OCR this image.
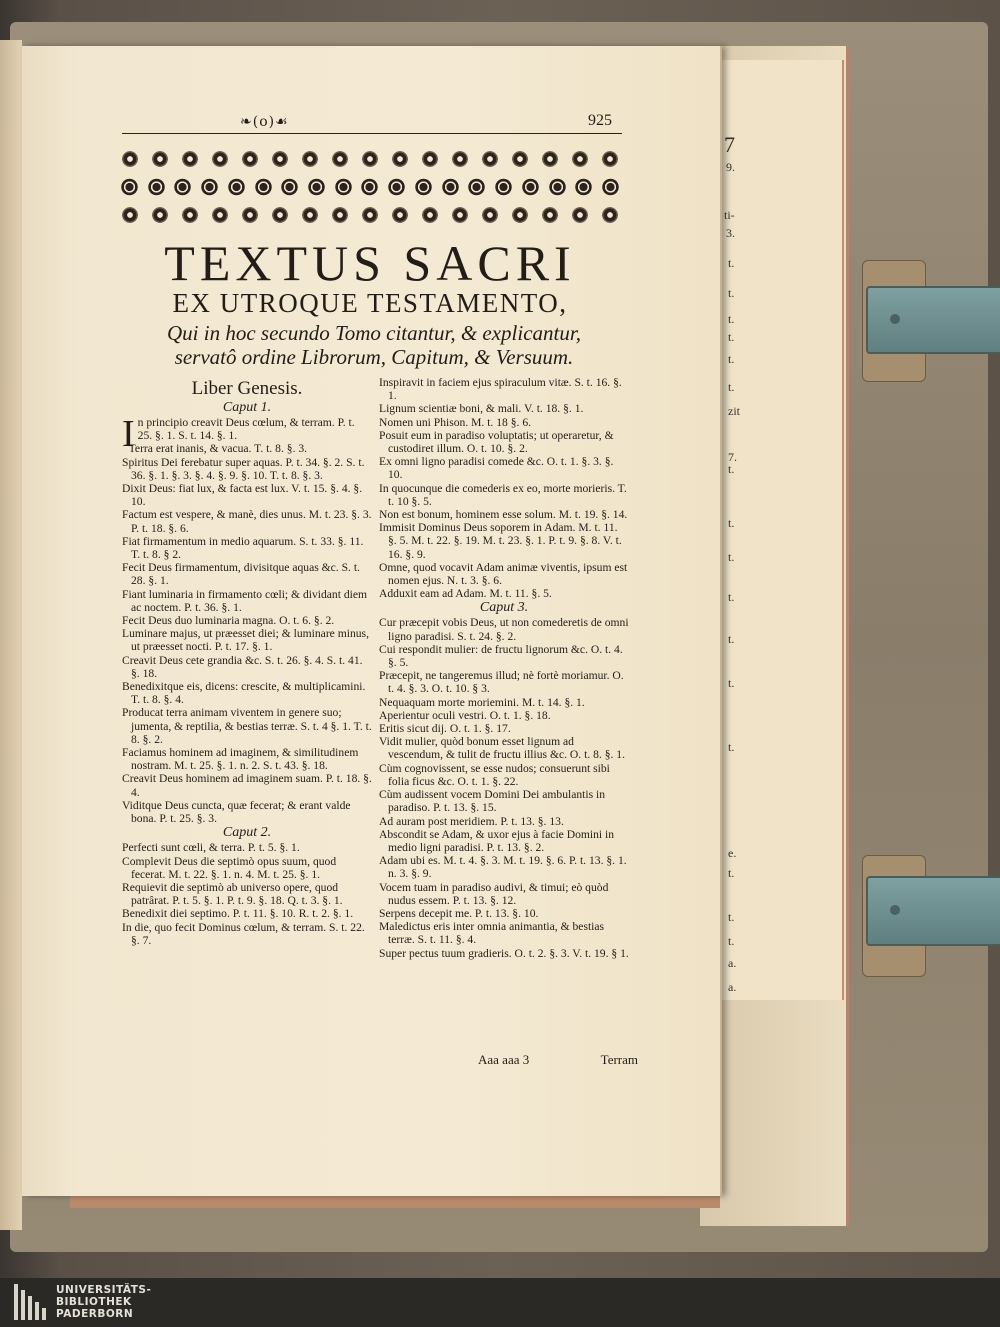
7
9.
ti-
3.
t.
t.
t.
t.
t.
t.
zit
7.
t.
t.
t.
t.
t.
t.
t.
e.
t.
t.
t.
a.
a.
❧(o)☙	925
TEXTUS SACRI
EX UTROQUE TESTAMENTO,
Qui in hoc secundo Tomo citantur, & explicantur, servatô ordine Librorum, Capitum, & Versuum.
Liber Genesis.
Caput 1.
In principio creavit Deus cœlum, & terram. P. t. 25. §. 1. S. t. 14. §. 1.
Terra erat inanis, & vacua. T. t. 8. §. 3.
Spiritus Dei ferebatur super aquas. P. t. 34. §. 2. S. t. 36. §. 1. §. 3. §. 4. §. 9. §. 10. T. t. 8. §. 3.
Dixit Deus: fiat lux, & facta est lux. V. t. 15. §. 4. §. 10.
Factum est vespere, & manè, dies unus. M. t. 23. §. 3. P. t. 18. §. 6.
Fiat firmamentum in medio aquarum. S. t. 33. §. 11. T. t. 8. § 2.
Fecit Deus firmamentum, divisitque aquas &c. S. t. 28. §. 1.
Fiant luminaria in firmamento cœli; & dividant diem ac noctem. P. t. 36. §. 1.
Fecit Deus duo luminaria magna. O. t. 6. §. 2.
Luminare majus, ut præesset diei; & luminare minus, ut præesset nocti. P. t. 17. §. 1.
Creavit Deus cete grandia &c. S. t. 26. §. 4. S. t. 41. §. 18.
Benedixitque eis, dicens: crescite, & multiplicamini. T. t. 8. §. 4.
Producat terra animam viventem in genere suo; jumenta, & reptilia, & bestias terræ. S. t. 4 §. 1. T. t. 8. §. 2.
Faciamus hominem ad imaginem, & similitudinem nostram. M. t. 25. §. 1. n. 2. S. t. 43. §. 18.
Creavit Deus hominem ad imaginem suam. P. t. 18. §. 4.
Viditque Deus cuncta, quæ fecerat; & erant valde bona. P. t. 25. §. 3.
Caput 2.
Perfecti sunt cœli, & terra. P. t. 5. §. 1.
Complevit Deus die septimò opus suum, quod fecerat. M. t. 22. §. 1. n. 4. M. t. 25. §. 1.
Requievit die septimò ab universo opere, quod patrârat. P. t. 5. §. 1. P. t. 9. §. 18. Q. t. 3. §. 1.
Benedixit diei septimo. P. t. 11. §. 10. R. t. 2. §. 1.
In die, quo fecit Dominus cœlum, & terram. S. t. 22. §. 7.
Inspiravit in faciem ejus spiraculum vitæ. S. t. 16. §. 1.
Lignum scientiæ boni, & mali. V. t. 18. §. 1.
Nomen uni Phison. M. t. 18 §. 6.
Posuit eum in paradiso voluptatis; ut operaretur, & custodiret illum. O. t. 10. §. 2.
Ex omni ligno paradisi comede &c. O. t. 1. §. 3. §. 10.
In quocunque die comederis ex eo, morte morieris. T. t. 10 §. 5.
Non est bonum, hominem esse solum. M. t. 19. §. 14.
Immisit Dominus Deus soporem in Adam. M. t. 11. §. 5. M. t. 22. §. 19. M. t. 23. §. 1. P. t. 9. §. 8. V. t. 16. §. 9.
Omne, quod vocavit Adam animæ viventis, ipsum est nomen ejus. N. t. 3. §. 6.
Adduxit eam ad Adam. M. t. 11. §. 5.
Caput 3.
Cur præcepit vobis Deus, ut non comederetis de omni ligno paradisi. S. t. 24. §. 2.
Cui respondit mulier: de fructu lignorum &c. O. t. 4. §. 5.
Præcepit, ne tangeremus illud; nè fortè moriamur. O. t. 4. §. 3. O. t. 10. § 3.
Nequaquam morte moriemini. M. t. 14. §. 1.
Aperientur oculi vestri. O. t. 1. §. 18.
Eritis sicut dij. O. t. 1. §. 17.
Vidit mulier, quòd bonum esset lignum ad vescendum, & tulit de fructu illius &c. O. t. 8. §. 1.
Cùm cognovissent, se esse nudos; consuerunt sibi folia ficus &c. O. t. 1. §. 22.
Cùm audissent vocem Domini Dei ambulantis in paradiso. P. t. 13. §. 15.
Ad auram post meridiem. P. t. 13. §. 13.
Abscondit se Adam, & uxor ejus à facie Domini in medio ligni paradisi. P. t. 13. §. 2.
Adam ubi es. M. t. 4. §. 3. M. t. 19. §. 6. P. t. 13. §. 1. n. 3. §. 9.
Vocem tuam in paradiso audivi, & timui; eò quòd nudus essem. P. t. 13. §. 12.
Serpens decepit me. P. t. 13. §. 10.
Maledictus eris inter omnia animantia, & bestias terræ. S. t. 11. §. 4.
Super pectus tuum gradieris. O. t. 2. §. 3. V. t. 19. § 1.
Aaa aaa 3	Terram
UNIVERSITÄTS-
BIBLIOTHEK
PADERBORN
